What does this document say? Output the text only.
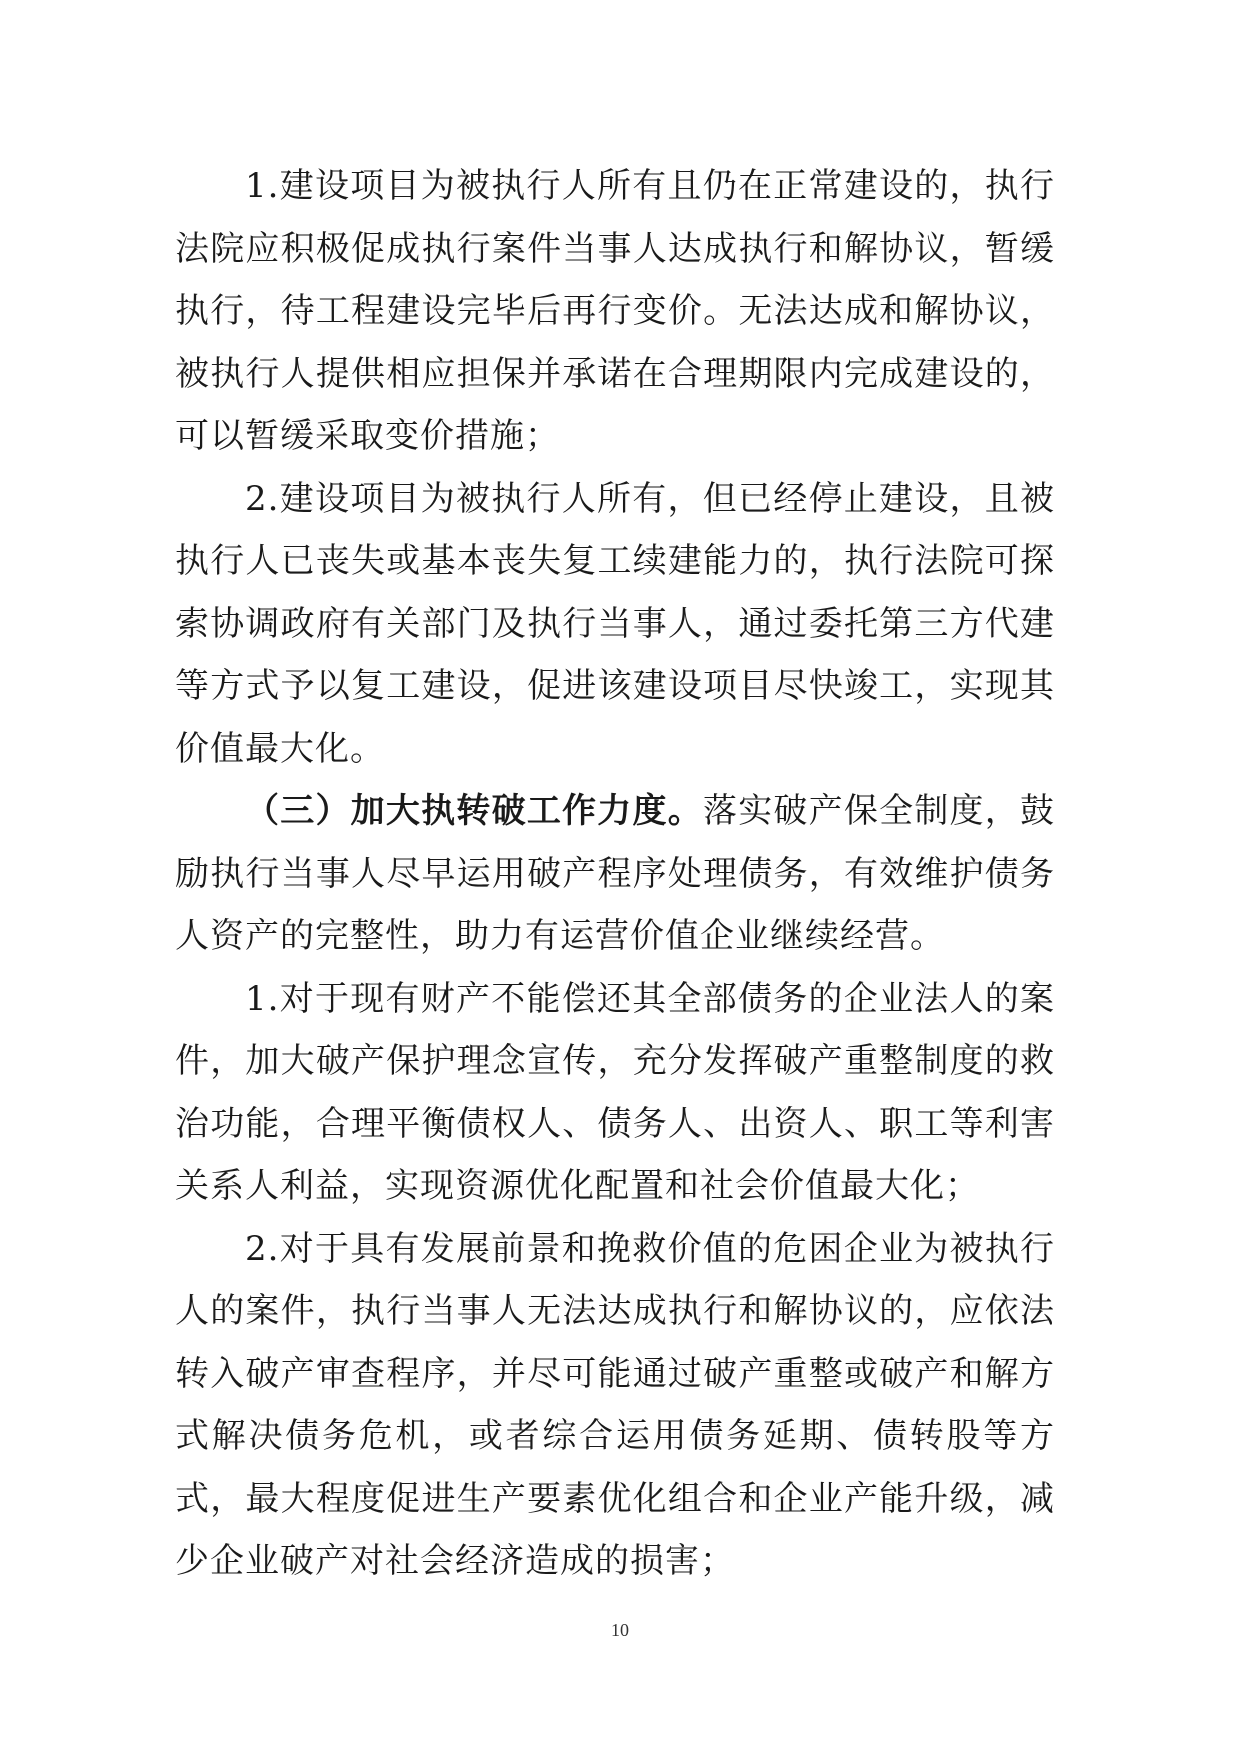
1.建设项目为被执行人所有且仍在正常建设的，执行法院应积极促成执行案件当事人达成执行和解协议，暂缓执行，待工程建设完毕后再行变价。无法达成和解协议，被执行人提供相应担保并承诺在合理期限内完成建设的，可以暂缓采取变价措施；

2.建设项目为被执行人所有，但已经停止建设，且被执行人已丧失或基本丧失复工续建能力的，执行法院可探索协调政府有关部门及执行当事人，通过委托第三方代建等方式予以复工建设，促进该建设项目尽快竣工，实现其价值最大化。

（三）加大执转破工作力度。落实破产保全制度，鼓励执行当事人尽早运用破产程序处理债务，有效维护债务人资产的完整性，助力有运营价值企业继续经营。

1.对于现有财产不能偿还其全部债务的企业法人的案件，加大破产保护理念宣传，充分发挥破产重整制度的救治功能，合理平衡债权人、债务人、出资人、职工等利害关系人利益，实现资源优化配置和社会价值最大化；

2.对于具有发展前景和挽救价值的危困企业为被执行人的案件，执行当事人无法达成执行和解协议的，应依法转入破产审查程序，并尽可能通过破产重整或破产和解方式解决债务危机，或者综合运用债务延期、债转股等方式，最大程度促进生产要素优化组合和企业产能升级，减少企业破产对社会经济造成的损害；

10
